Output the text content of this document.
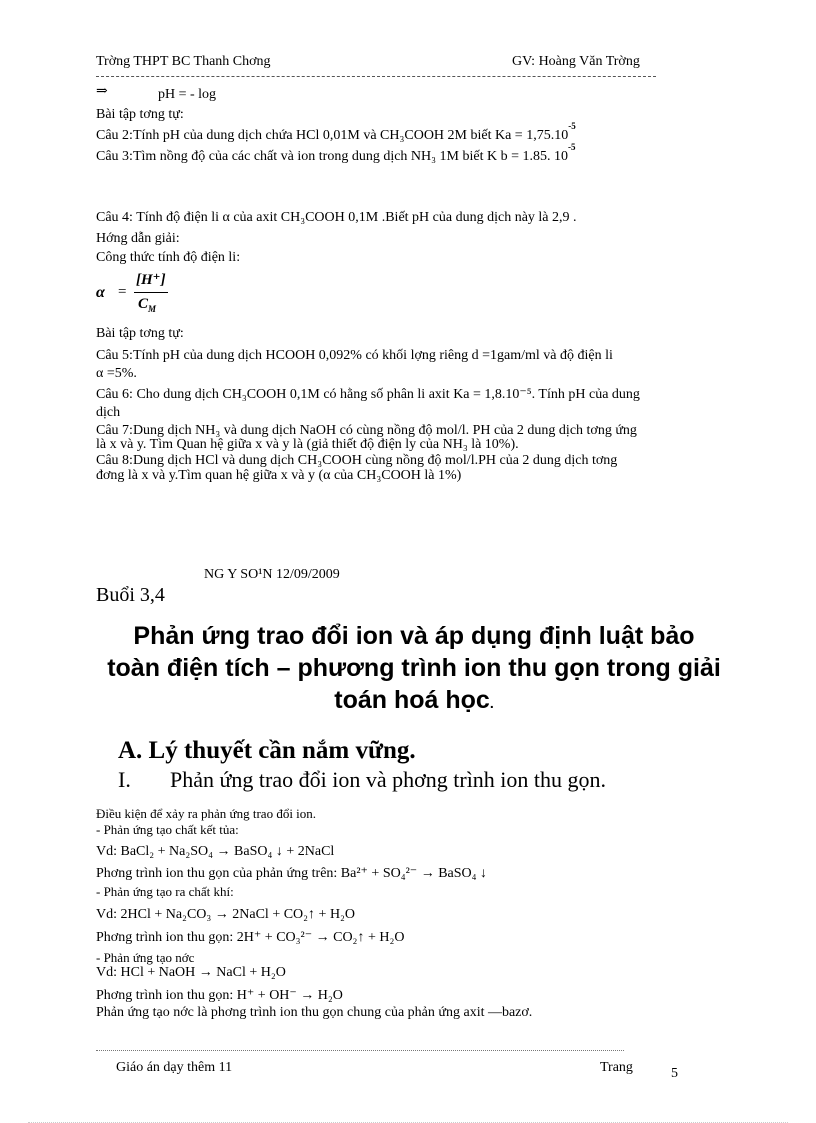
Trờng THPT BC Thanh Chơng	GV: Hoàng Văn Trờng
⇒	pH = - log
Bài tập tơng tự:
Câu 2:Tính pH của dung dịch chứa HCl 0,01M và CH₃COOH 2M biết $Ka = 1,75.10^{-5}$
Câu 3:Tìm nồng độ của các chất và ion trong dung dịch NH₃ 1M biết K b = 1.85. $10^{-5}$
Câu 4: Tính độ điện li α của axit CH₃COOH 0,1M .Biết pH của dung dịch này là 2,9 .
Hớng dẫn giải:
Công thức tính độ điện li:
α =
[H⁺]
$C_M$
Bài tập tơng tự:
Câu 5:Tính pH của dung dịch HCOOH 0,092% có khối lợng riêng d =1gam/ml và độ điện li
α =5%.
Câu 6: Cho dung dịch CH₃COOH 0,1M có hằng số phân li axit Ka = 1,8.10⁻⁵. Tính pH của dung
dịch
Câu 7:Dung dịch NH₃ và dung dịch NaOH có cùng nồng độ mol/l. PH của 2 dung dịch tơng ứng
là x và y. Tìm Quan hệ giữa x và y là (giả thiết độ điện ly của NH₃ là 10%).
Câu 8:Dung dịch HCl và dung dịch CH₃COOH cùng nồng độ mol/l.PH của 2 dung dịch tơng
đơng là x và y.Tìm quan hệ giữa x và y (α của CH₃COOH là 1%)
NG Y SO¹N 12/09/2009
Buổi 3,4
Phản ứng trao đổi ion và áp dụng định luật bảo
toàn điện tích – phương trình ion thu gọn trong giải
toán hoá học.
A. Lý thuyết cần nắm vững.
I. Phản ứng trao đổi ion và phơng trình ion thu gọn.
Điều kiện để xảy ra phản ứng trao đổi ion.
- Phản ứng tạo chất kết tủa:
Vd: BaCl₂ + Na₂SO₄ → BaSO₄ ↓ + 2NaCl
Phơng trình ion thu gọn của phản ứng trên: Ba²⁺ + SO₄²⁻ → BaSO₄ ↓
- Phản ứng tạo ra chất khí:
Vd: 2HCl + Na₂CO₃ → 2NaCl + CO₂↑ + H₂O
Phơng trình ion thu gọn: 2H⁺ + CO₃²⁻ → CO₂↑ + H₂O
- Phản ứng tạo nớc
Vd: HCl + NaOH → NaCl + H₂O
Phơng trình ion thu gọn: H⁺ + OH⁻ → H₂O
Phản ứng tạo nớc là phơng trình ion thu gọn chung của phản ứng axit —bazơ.
Giáo án dạy thêm 11	Trang	5
